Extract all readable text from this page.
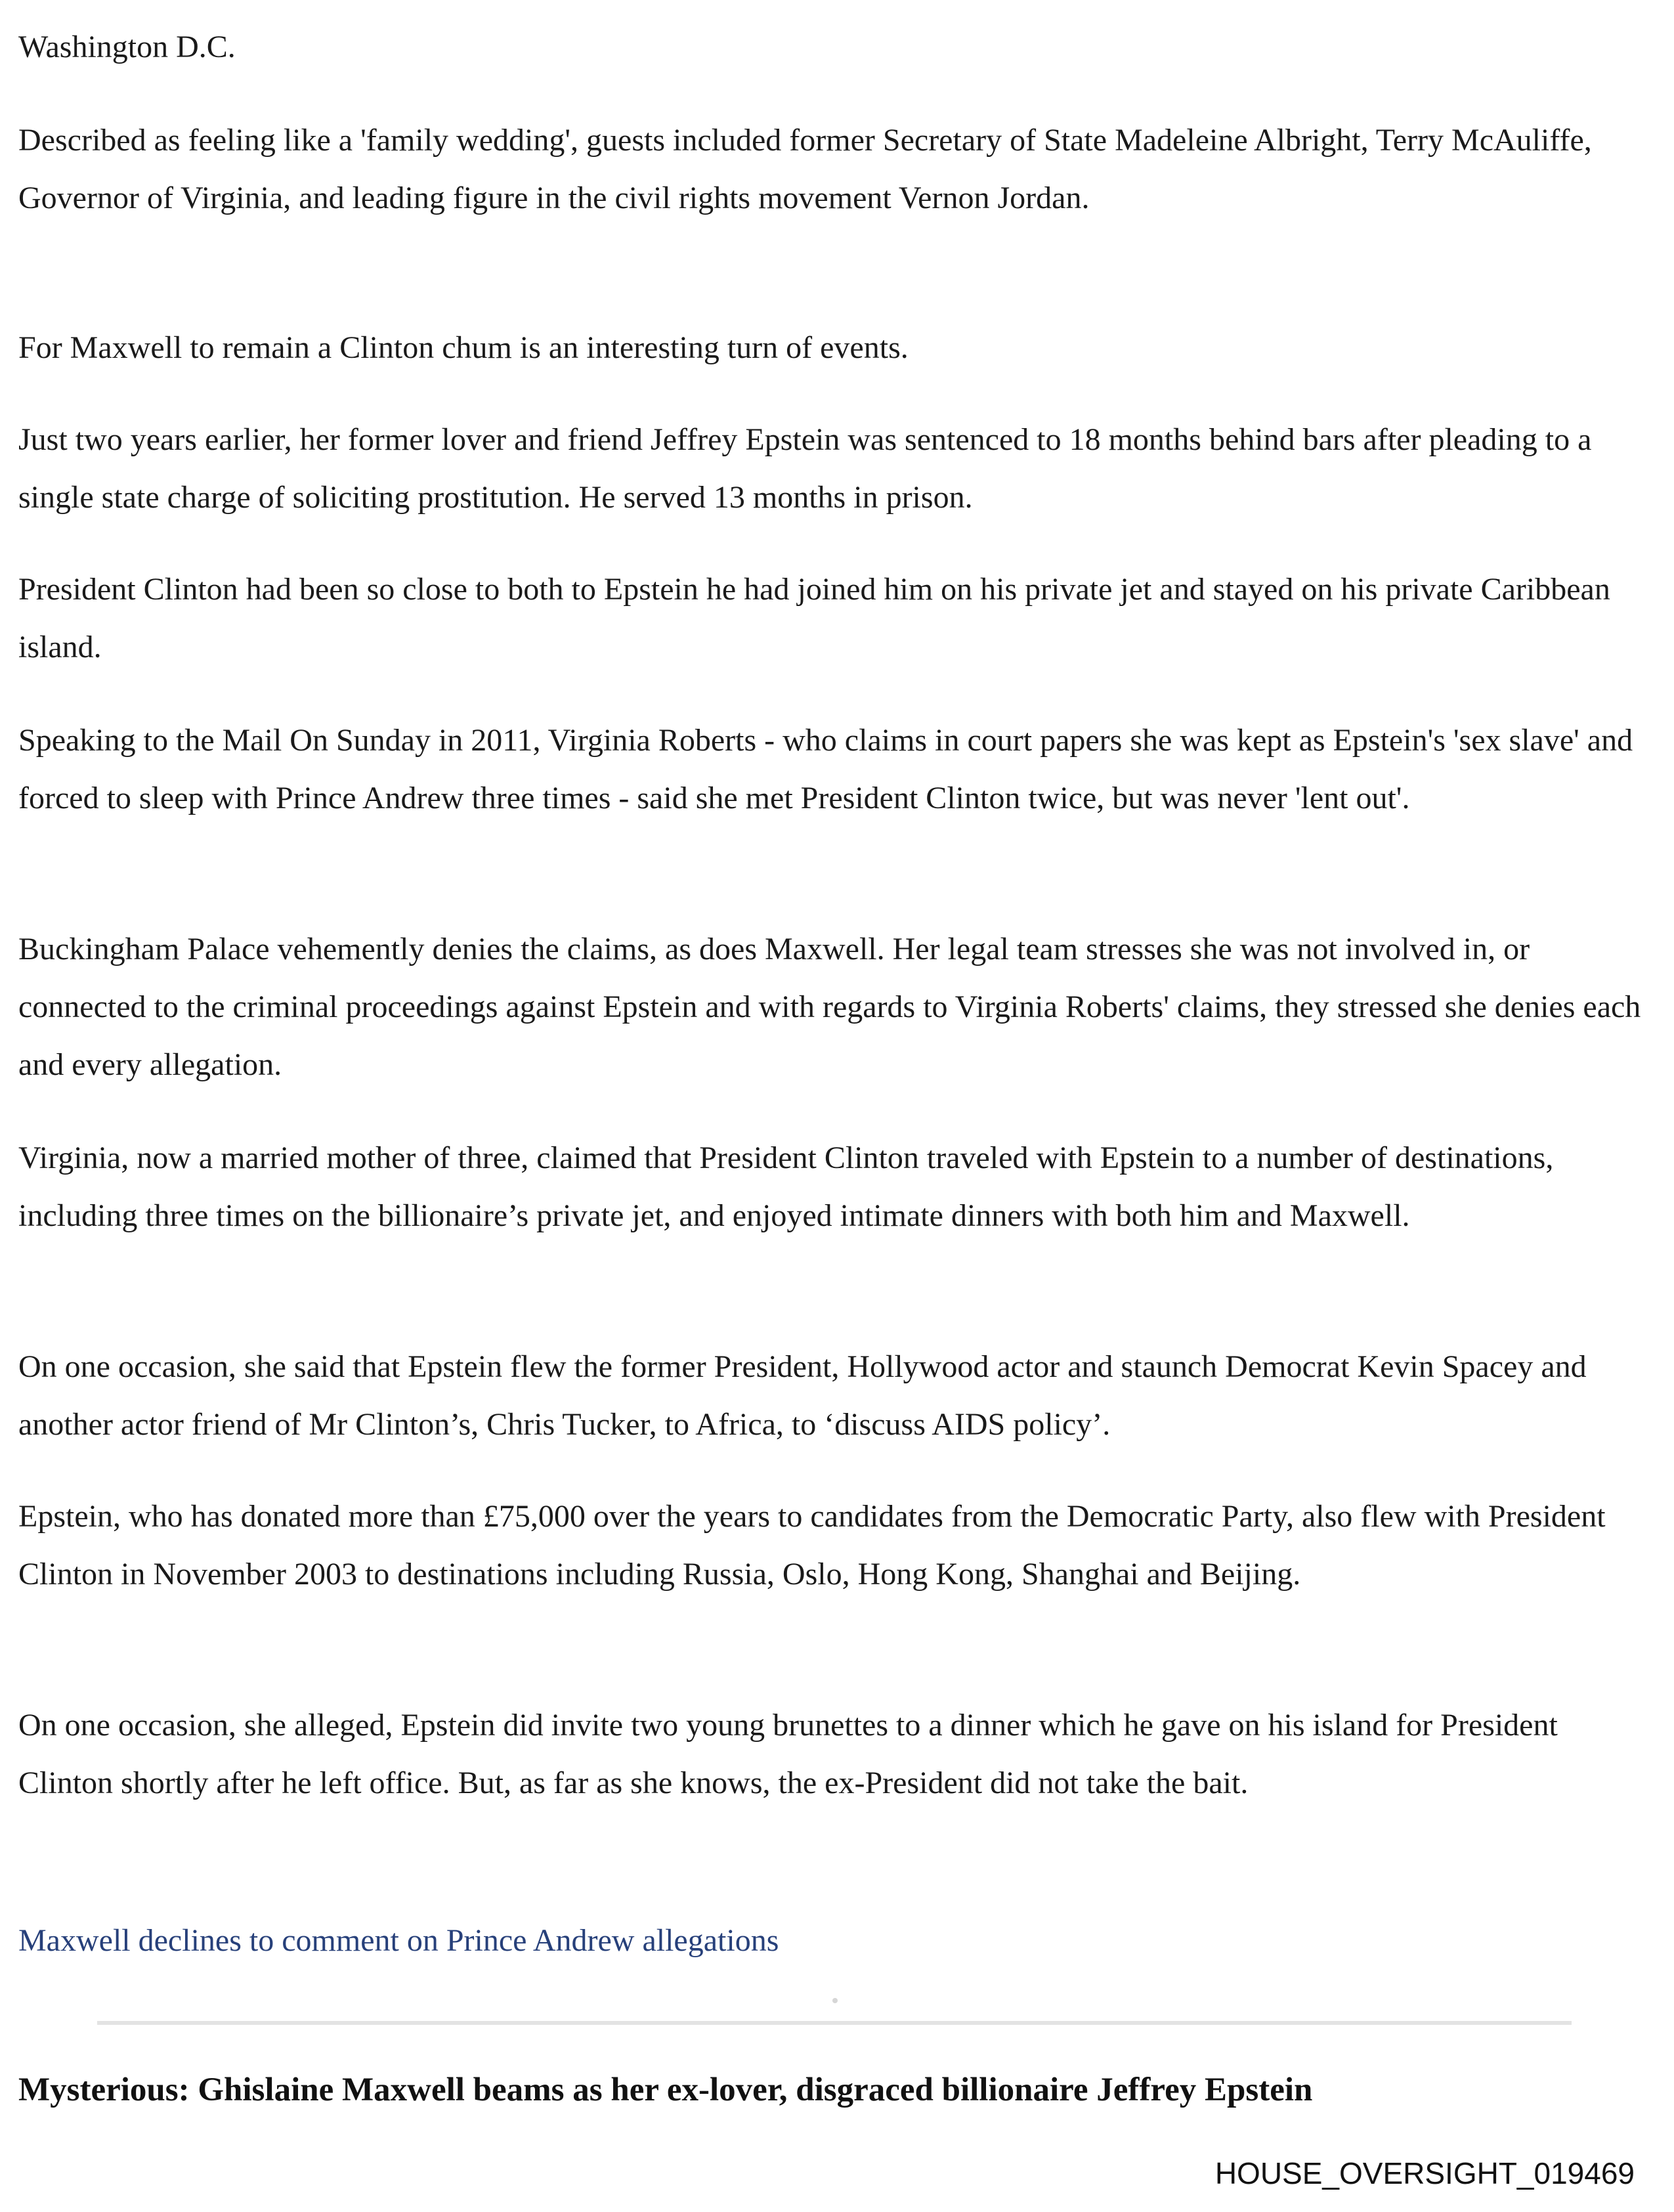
Washington D.C.

Described as feeling like a 'family wedding', guests included former Secretary of State Madeleine Albright, Terry McAuliffe, Governor of Virginia, and leading figure in the civil rights movement Vernon Jordan.

For Maxwell to remain a Clinton chum is an interesting turn of events.

Just two years earlier, her former lover and friend Jeffrey Epstein was sentenced to 18 months behind bars after pleading to a single state charge of soliciting prostitution. He served 13 months in prison.

President Clinton had been so close to both to Epstein he had joined him on his private jet and stayed on his private Caribbean island.

Speaking to the Mail On Sunday in 2011, Virginia Roberts - who claims in court papers she was kept as Epstein's 'sex slave' and forced to sleep with Prince Andrew three times - said she met President Clinton twice, but was never 'lent out'.

Buckingham Palace vehemently denies the claims, as does Maxwell. Her legal team stresses she was not involved in, or connected to the criminal proceedings against Epstein and with regards to Virginia Roberts' claims, they stressed she denies each and every allegation.

Virginia, now a married mother of three, claimed that President Clinton traveled with Epstein to a number of destinations, including three times on the billionaire’s private jet, and enjoyed intimate dinners with both him and Maxwell.

On one occasion, she said that Epstein flew the former President, Hollywood actor and staunch Democrat Kevin Spacey and another actor friend of Mr Clinton’s, Chris Tucker, to Africa, to ‘discuss AIDS policy’.

Epstein, who has donated more than £75,000 over the years to candidates from the Democratic Party, also flew with President Clinton in November 2003 to destinations including Russia, Oslo, Hong Kong, Shanghai and Beijing.

On one occasion, she alleged, Epstein did invite two young brunettes to a dinner which he gave on his island for President Clinton shortly after he left office. But, as far as she knows, the ex-President did not take the bait.

Maxwell declines to comment on Prince Andrew allegations

Mysterious: Ghislaine Maxwell beams as her ex-lover, disgraced billionaire Jeffrey Epstein

HOUSE_OVERSIGHT_019469
